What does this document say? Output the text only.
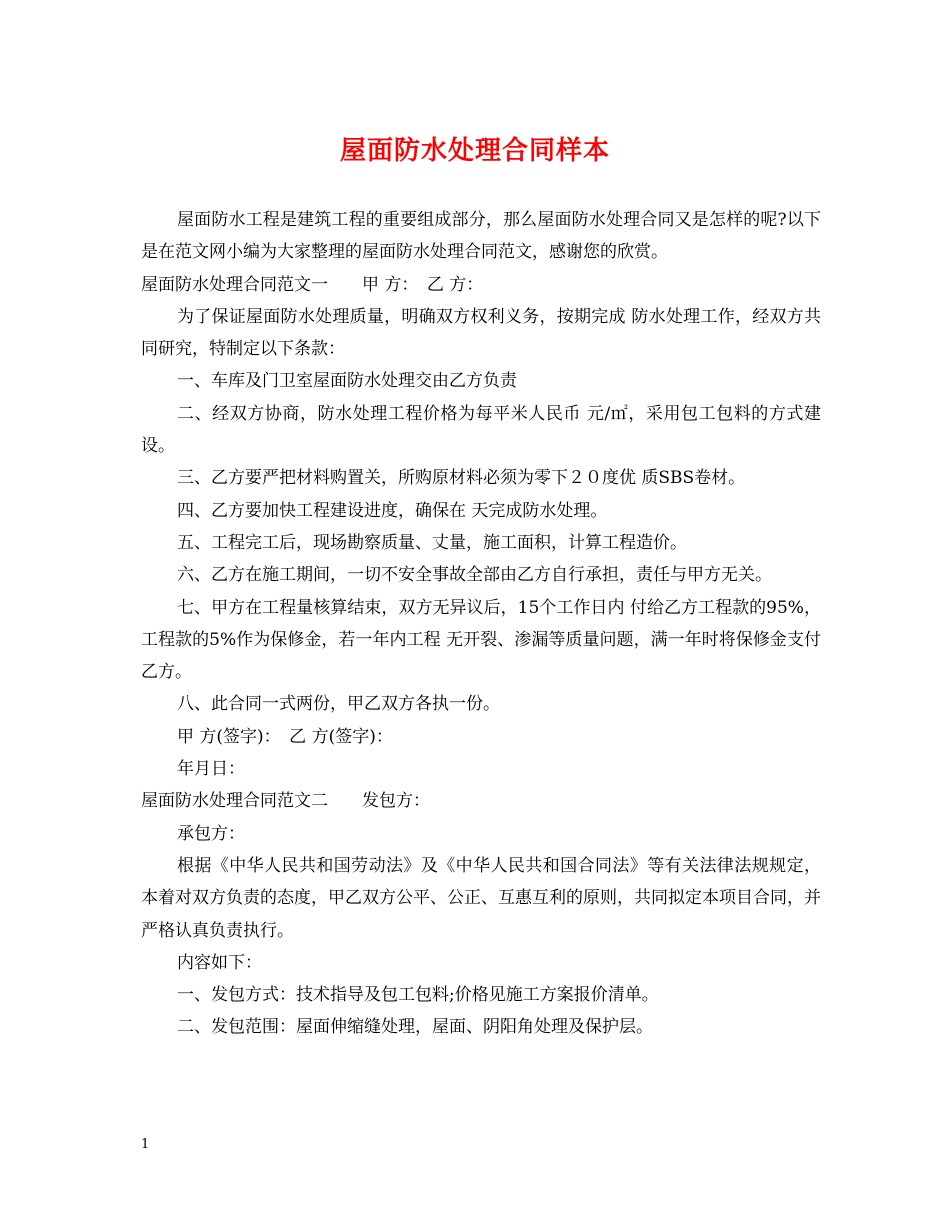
屋面防水处理合同样本

屋面防水工程是建筑工程的重要组成部分，那么屋面防水处理合同又是怎样的呢?以下是在范文网小编为大家整理的屋面防水处理合同范文，感谢您的欣赏。

屋面防水处理合同范文一　　甲 方：　乙 方：

为了保证屋面防水处理质量，明确双方权利义务，按期完成 防水处理工作，经双方共同研究，特制定以下条款：

一、车库及门卫室屋面防水处理交由乙方负责

二、经双方协商，防水处理工程价格为每平米人民币 元/㎡，采用包工包料的方式建设。

三、乙方要严把材料购置关，所购原材料必须为零下２０度优 质SBS卷材。

四、乙方要加快工程建设进度，确保在 天完成防水处理。

五、工程完工后，现场勘察质量、丈量，施工面积，计算工程造价。

六、乙方在施工期间，一切不安全事故全部由乙方自行承担，责任与甲方无关。

七、甲方在工程量核算结束，双方无异议后，15个工作日内 付给乙方工程款的95%，工程款的5%作为保修金，若一年内工程 无开裂、渗漏等质量问题，满一年时将保修金支付乙方。

八、此合同一式两份，甲乙双方各执一份。

甲 方(签字)：　乙 方(签字)：

年月日：

屋面防水处理合同范文二　　发包方：

承包方：

根据《中华人民共和国劳动法》及《中华人民共和国合同法》等有关法律法规规定，本着对双方负责的态度，甲乙双方公平、公正、互惠互利的原则，共同拟定本项目合同，并严格认真负责执行。

内容如下：

一、发包方式：技术指导及包工包料;价格见施工方案报价清单。

二、发包范围：屋面伸缩缝处理，屋面、阴阳角处理及保护层。

1
